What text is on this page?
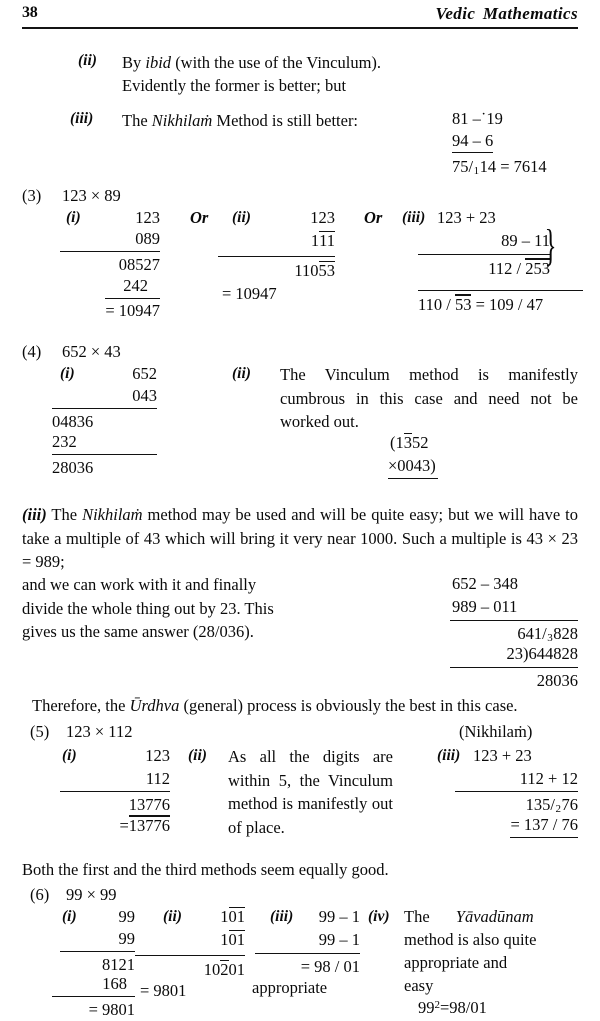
38	Vedic Mathematics
(ii) By ibid (with the use of the Vinculum).
Evidently the former is better; but
(iii) The Nikhilaṁ Method is still better:	81 –˙19
94 – 6
$75/_114 = 7614$
(3) 123 × 89
(i)	123
089
08527
242
= 10947
Or (ii)	123
111
11053
= 10947
Or (iii) 123 + 23
89 – 11
112 / 253
110 / 53 = 109 / 47
}
(4) 652 × 43
(i)	652
043
04836
232
28036
(ii) The Vinculum method is manifestly cumbrous in this case and need not be worked out.
(1352
×0043)
(iii) The Nikhilaṁ method may be used and will be quite easy; but we will have to take a multiple of 43 which will bring it very near 1000. Such a multiple is 43 × 23 = 989;
and we can work with it and finally divide the whole thing out by 23. This gives us the same answer (28/036).
652 – 348
989 – 011
$641/_3828$
23)644828
28036
Therefore, the Ūrdhva (general) process is obviously the best in this case.
(5) 123 × 112	(Nikhilaṁ)
(i)	123
112
13776
=13776
(ii) As all the digits are within 5, the Vinculum method is manifestly out of place.
(iii) 123 + 23
112 + 12
$135/_276$
= 137 / 76
Both the first and the third methods seem equally good.
(6) 99 × 99
(i)	99
99
8121
168
= 9801
(ii)	101
101
10201
= 9801
(iii)	99 – 1
99 – 1
= 98 / 01
appropriate
(iv) The Yāvadūnam
method is also quite
appropriate and
easy
$99^2=98/01$
